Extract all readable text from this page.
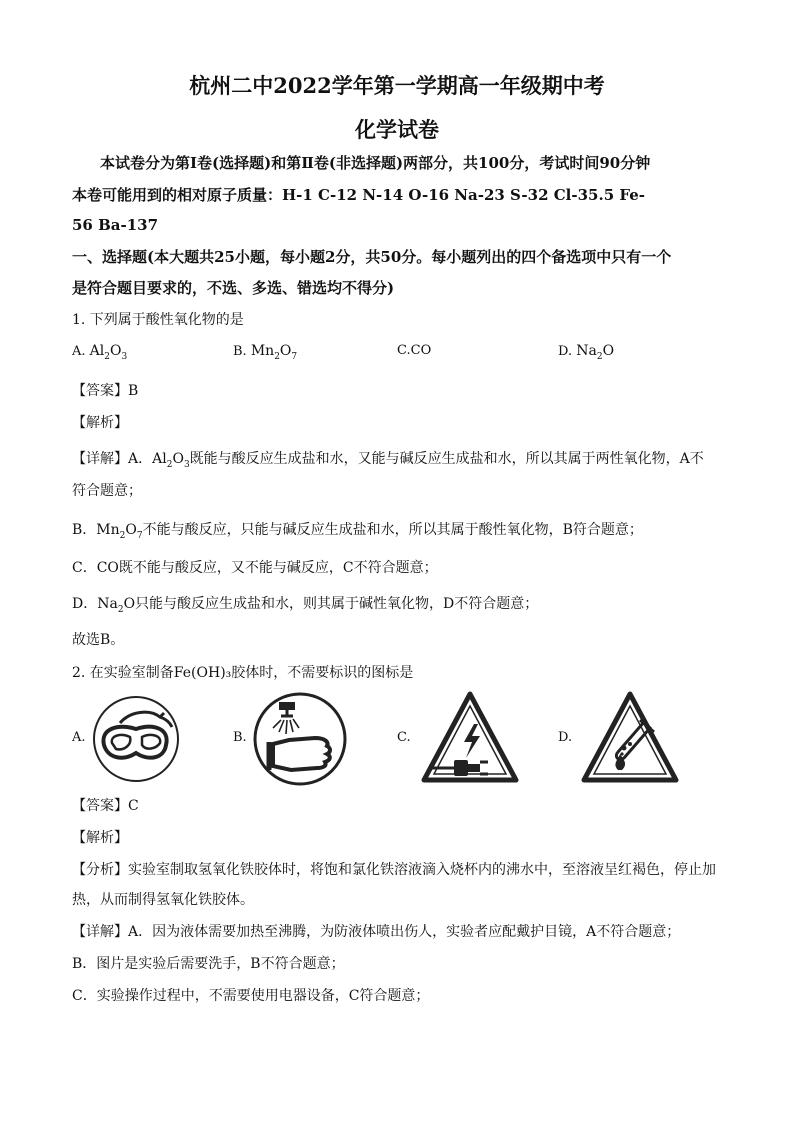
杭州二中2022学年第一学期高一年级期中考
化学试卷
本试卷分为第Ⅰ卷(选择题)和第Ⅱ卷(非选择题)两部分，共100分，考试时间90分钟
本卷可能用到的相对原子质量：H-1 C-12 N-14 O-16 Na-23 S-32 Cl-35.5 Fe-
56 Ba-137
一、选择题(本大题共25小题，每小题2分，共50分。每小题列出的四个备选项中只有一个
是符合题目要求的，不选、多选、错选均不得分)
1. 下列属于酸性氧化物的是
A. $Al_2O_3$	B. $Mn_2O_7$	C.CO	D. $Na_2O$
【答案】B
【解析】
【详解】A．$Al_2O_3$既能与酸反应生成盐和水，又能与碱反应生成盐和水，所以其属于两性氧化物，A不
符合题意；
B．$Mn_2O_7$不能与酸反应，只能与碱反应生成盐和水，所以其属于酸性氧化物，B符合题意；
C．CO既不能与酸反应，又不能与碱反应，C不符合题意；
D．$Na_2O$只能与酸反应生成盐和水，则其属于碱性氧化物，D不符合题意；
故选B。
2. 在实验室制备Fe(OH)₃胶体时，不需要标识的图标是
A.	B.	C.	D.
【答案】C
【解析】
【分析】实验室制取氢氧化铁胶体时，将饱和氯化铁溶液滴入烧杯内的沸水中，至溶液呈红褐色，停止加
热，从而制得氢氧化铁胶体。
【详解】A．因为液体需要加热至沸腾，为防液体喷出伤人，实验者应配戴护目镜，A不符合题意；
B．图片是实验后需要洗手，B不符合题意；
C．实验操作过程中，不需要使用电器设备，C符合题意；
